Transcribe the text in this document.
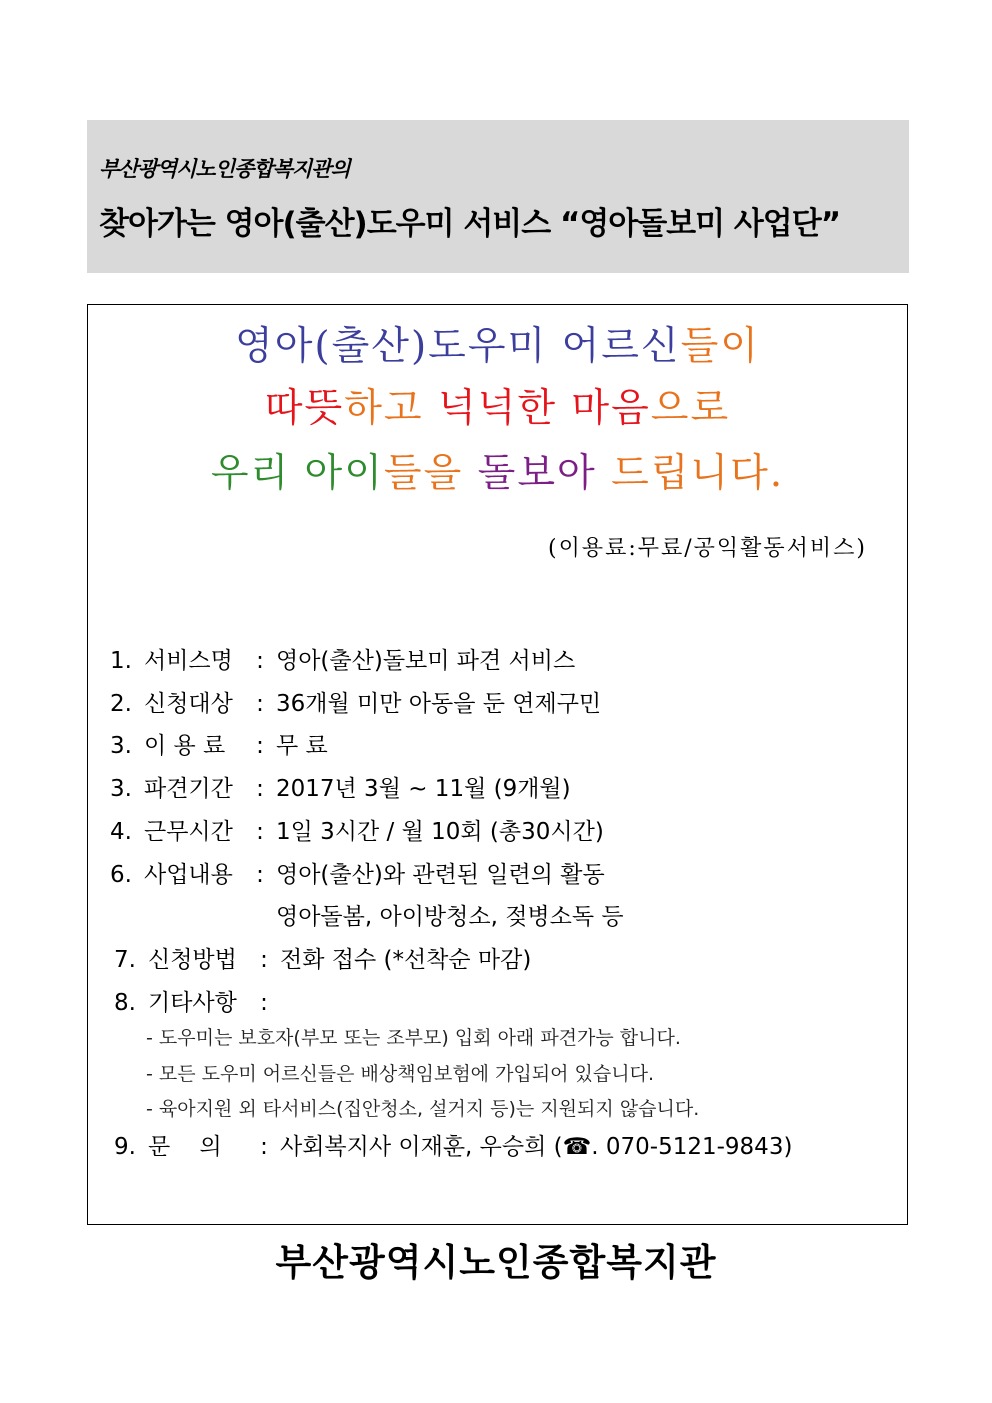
부산광역시노인종합복지관의
찾아가는 영아(출산)도우미 서비스 “영아돌보미 사업단”
영아(출산)도우미 어르신들이
따뜻하고 넉넉한 마음으로
우리 아이들을 돌보아 드립니다.
(이용료:무료/공익활동서비스)
1. 서비스명 : 영아(출산)돌보미 파견 서비스
2. 신청대상 : 36개월 미만 아동을 둔 연제구민
3. 이 용 료 : 무 료
3. 파견기간 : 2017년 3월 ~ 11월 (9개월)
4. 근무시간 : 1일 3시간 / 월 10회 (총30시간)
6. 사업내용 : 영아(출산)와 관련된 일련의 활동
영아돌봄, 아이방청소, 젖병소독 등
7. 신청방법 : 전화 접수 (*선착순 마감)
8. 기타사항 :
- 도우미는 보호자(부모 또는 조부모) 입회 아래 파견가능 합니다.
- 모든 도우미 어르신들은 배상책임보험에 가입되어 있습니다.
- 육아지원 외 타서비스(집안청소, 설거지 등)는 지원되지 않습니다.
9. 문    의 : 사회복지사 이재훈, 우승희 (☎. 070-5121-9843)
부산광역시노인종합복지관
